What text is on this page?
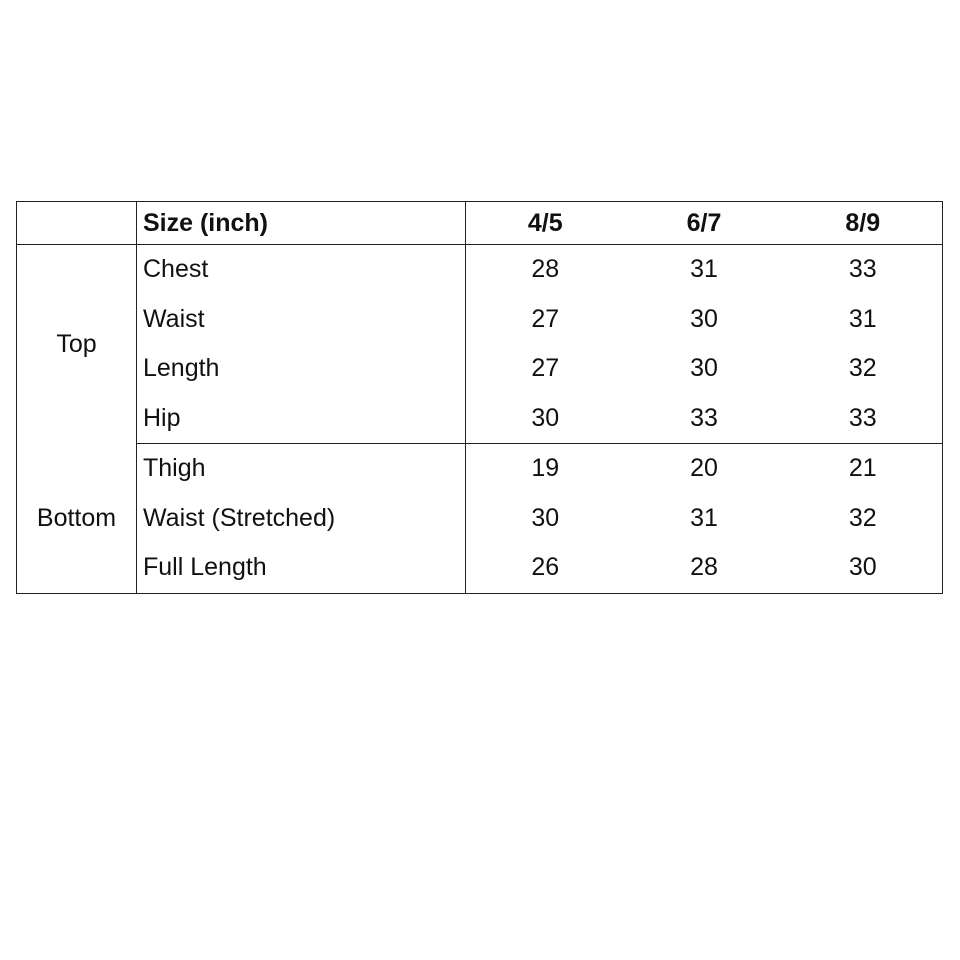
	Size (inch)	4/5	6/7	8/9
Top	Chest	28	31	33
	Waist	27	30	31
	Length	27	30	32
	Hip	30	33	33
Bottom	Thigh	19	20	21
	Waist (Stretched)	30	31	32
	Full Length	26	28	30
